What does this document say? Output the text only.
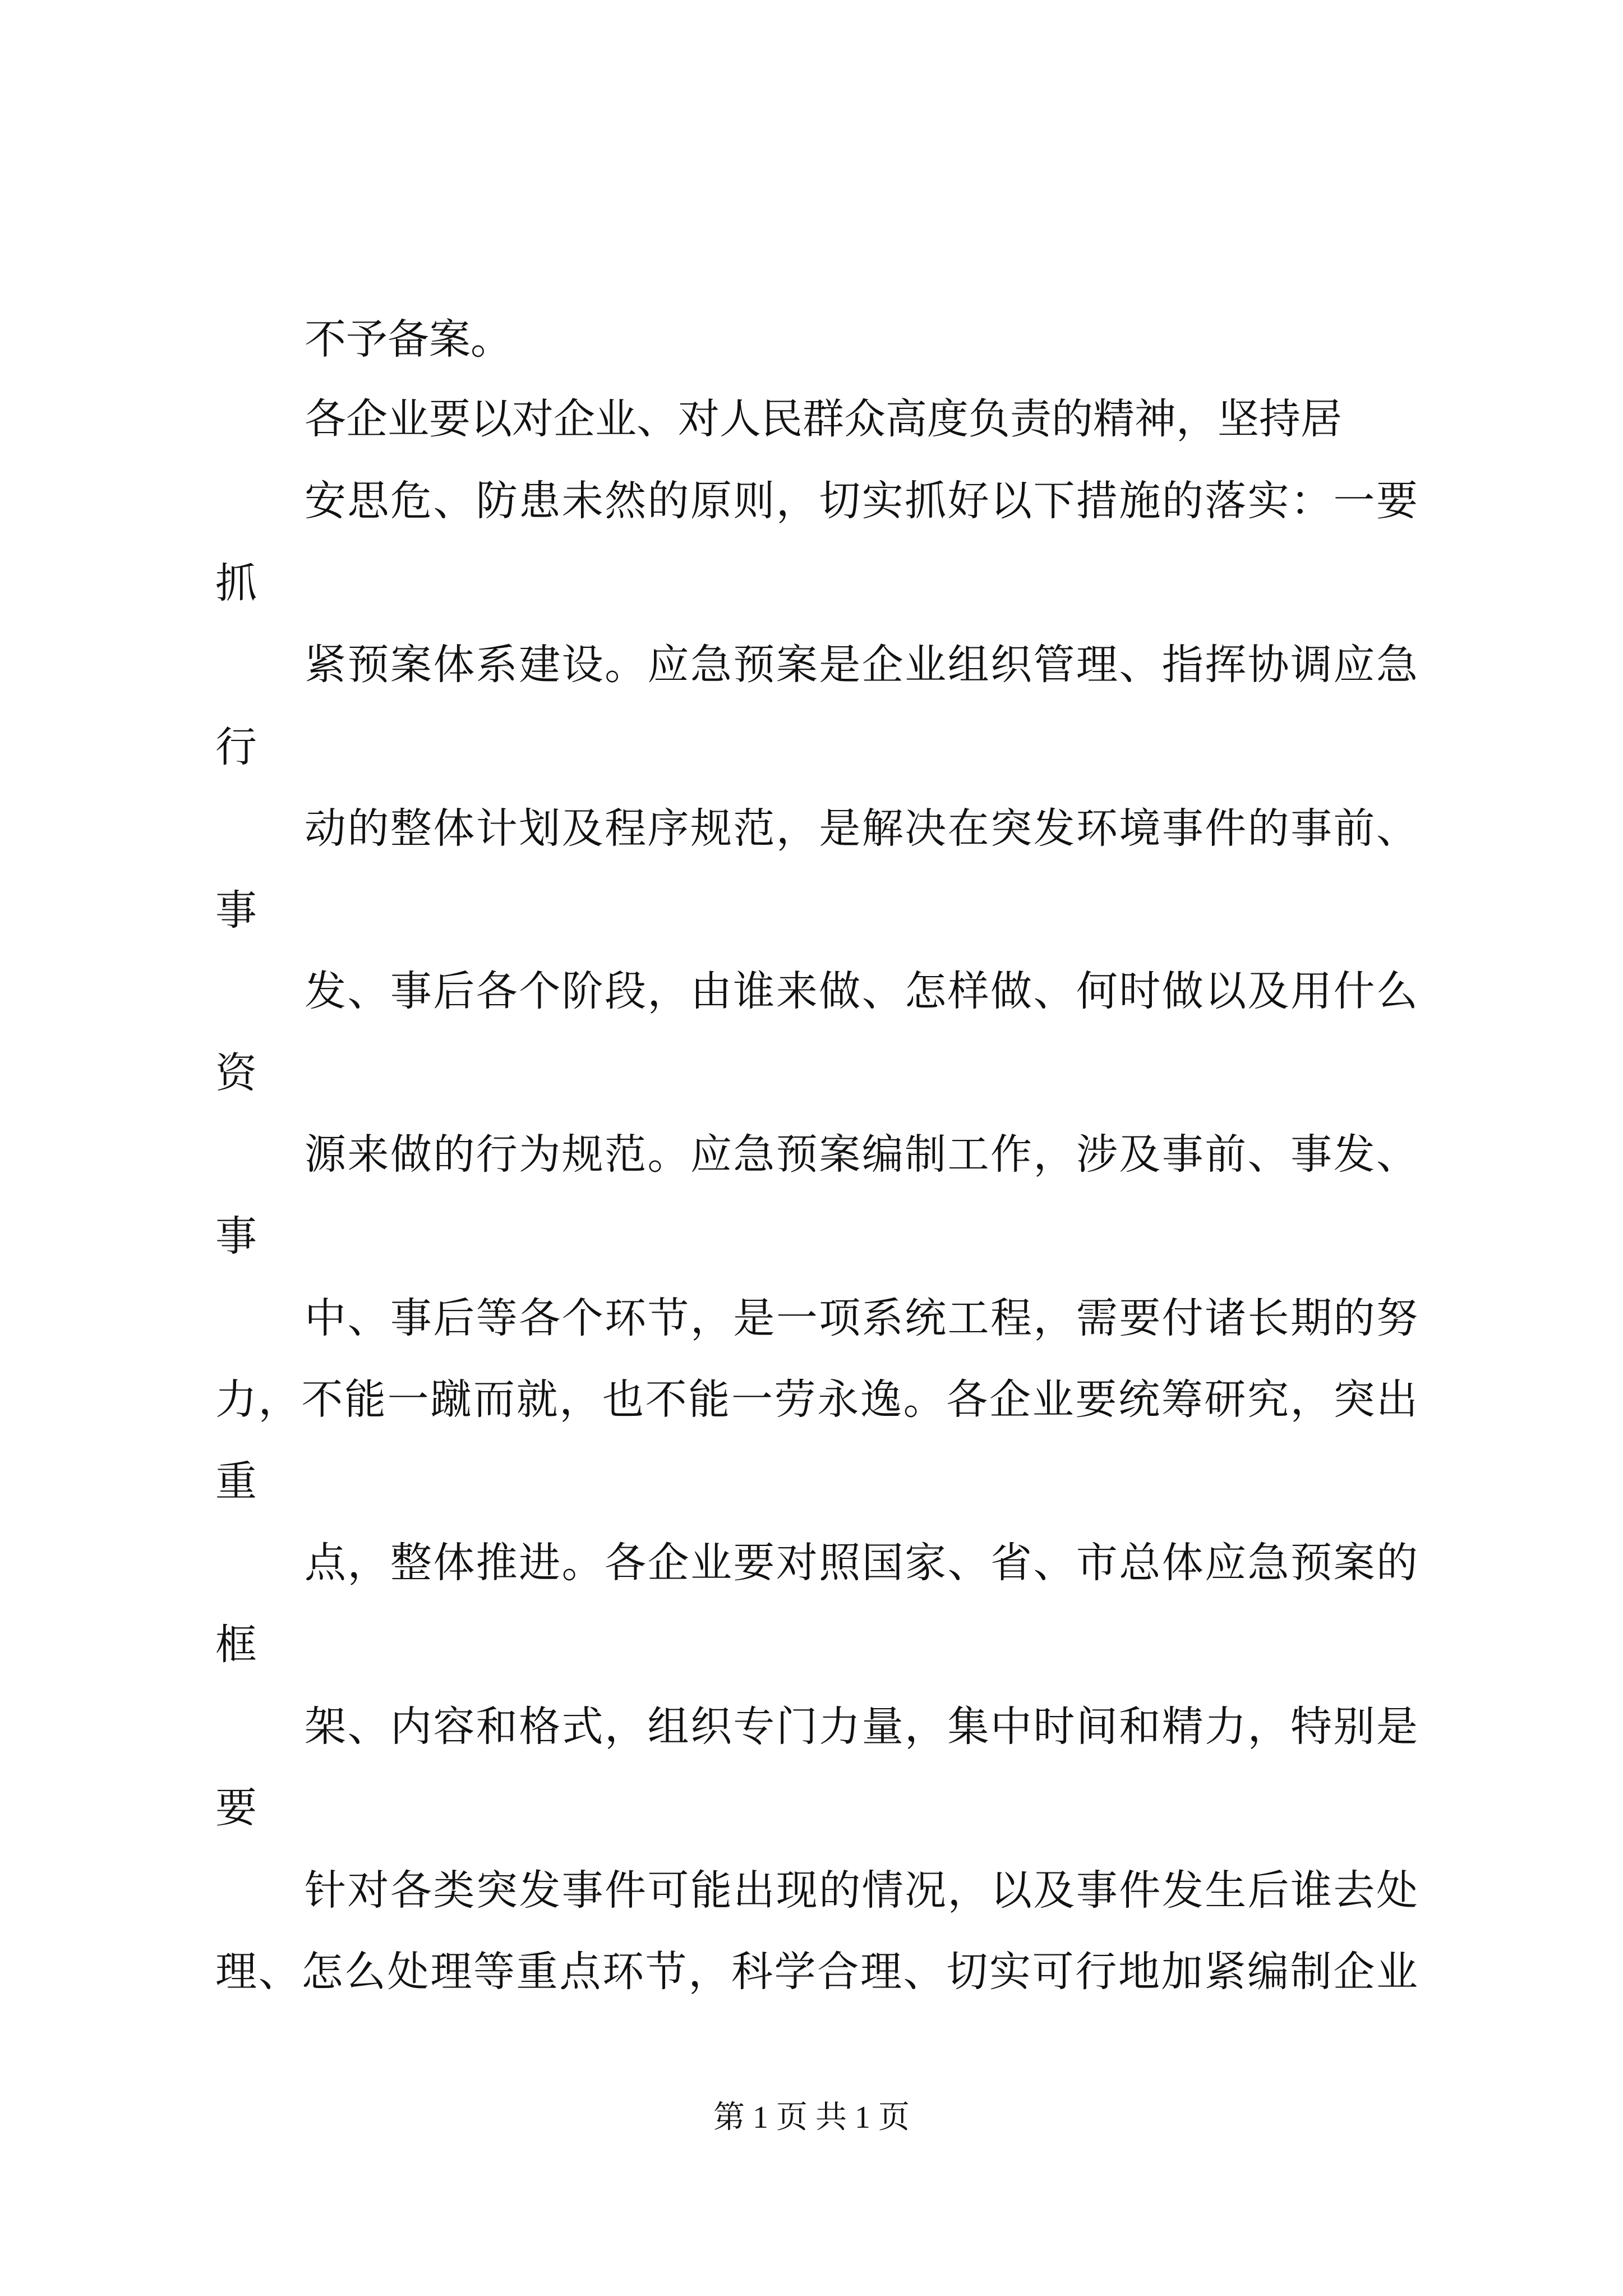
不予备案。

各企业要以对企业、对人民群众高度负责的精神，坚持居

安思危、防患未然的原则，切实抓好以下措施的落实：一要

抓

紧预案体系建设。应急预案是企业组织管理、指挥协调应急

行

动的整体计划及程序规范，是解决在突发环境事件的事前、

事

发、事后各个阶段，由谁来做、怎样做、何时做以及用什么

资

源来做的行为规范。应急预案编制工作，涉及事前、事发、

事

中、事后等各个环节，是一项系统工程，需要付诸长期的努

力，不能一蹴而就，也不能一劳永逸。各企业要统筹研究，突出

重

点，整体推进。各企业要对照国家、省、市总体应急预案的

框

架、内容和格式，组织专门力量，集中时间和精力，特别是

要

针对各类突发事件可能出现的情况，以及事件发生后谁去处

理、怎么处理等重点环节，科学合理、切实可行地加紧编制企业

第 1 页 共 1 页
